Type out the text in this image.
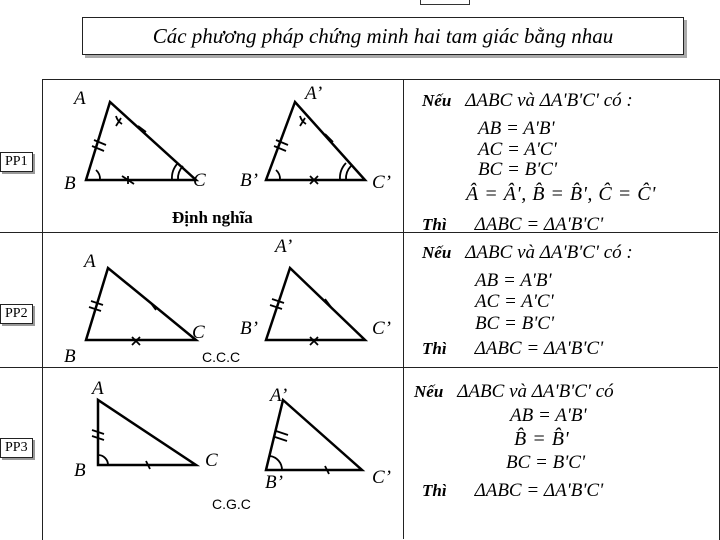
Các phương pháp chứng minh hai tam giác bằng nhau
PP1
A
B	C
A’
B’	C’
Định nghĩa
Nếu ΔABC và ΔA'B'C' có :
AB = A'B'
AC = A'C'
BC = B'C'
Â = Â', B̂ = B̂', Ĉ = Ĉ'
Thì ΔABC = ΔA'B'C'
PP2
A
B
C
A’
B’	C’
C.C.C
Nếu ΔABC và ΔA'B'C' có :
AB = A'B'
AC = A'C'
BC = B'C'
Thì ΔABC = ΔA'B'C'
PP3
A
B	C
A’
B’	C’
C.G.C
Nếu ΔABC và ΔA'B'C' có
AB = A'B'
B̂ = B̂'
BC = B'C'
Thì ΔABC = ΔA'B'C'
